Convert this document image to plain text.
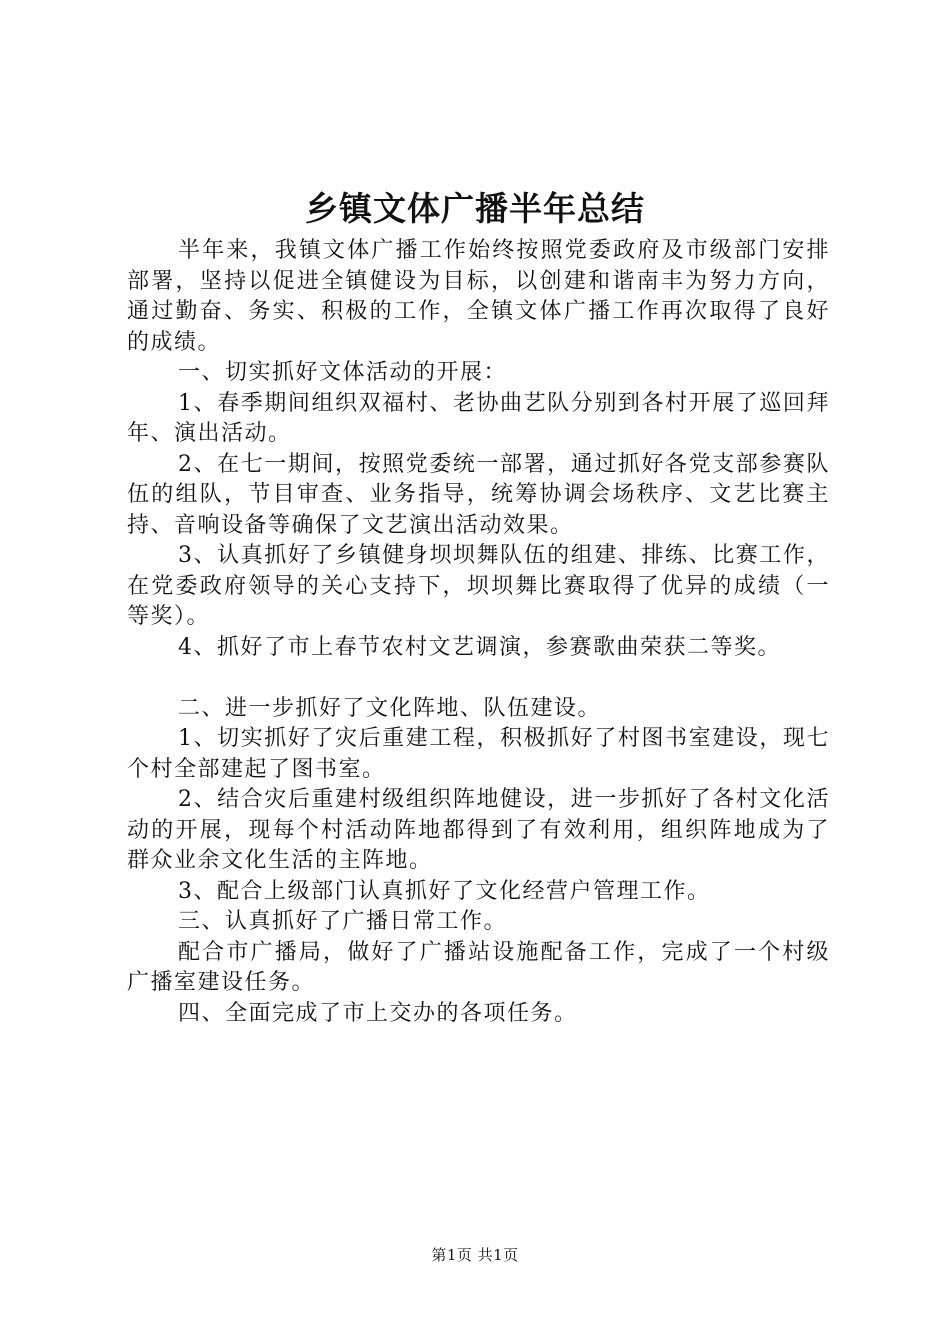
乡镇文体广播半年总结

半年来，我镇文体广播工作始终按照党委政府及市级部门安排部署，坚持以促进全镇健设为目标，以创建和谐南丰为努力方向，通过勤奋、务实、积极的工作，全镇文体广播工作再次取得了良好的成绩。

一、切实抓好文体活动的开展：

1、春季期间组织双福村、老协曲艺队分别到各村开展了巡回拜年、演出活动。

2、在七一期间，按照党委统一部署，通过抓好各党支部参赛队伍的组队，节目审查、业务指导，统筹协调会场秩序、文艺比赛主持、音响设备等确保了文艺演出活动效果。

3、认真抓好了乡镇健身坝坝舞队伍的组建、排练、比赛工作，在党委政府领导的关心支持下，坝坝舞比赛取得了优异的成绩（一等奖）。

4、抓好了市上春节农村文艺调演，参赛歌曲荣获二等奖。

二、进一步抓好了文化阵地、队伍建设。

1、切实抓好了灾后重建工程，积极抓好了村图书室建设，现七个村全部建起了图书室。

2、结合灾后重建村级组织阵地健设，进一步抓好了各村文化活动的开展，现每个村活动阵地都得到了有效利用，组织阵地成为了群众业余文化生活的主阵地。

3、配合上级部门认真抓好了文化经营户管理工作。

三、认真抓好了广播日常工作。

配合市广播局，做好了广播站设施配备工作，完成了一个村级广播室建设任务。

四、全面完成了市上交办的各项任务。

第1页 共1页
